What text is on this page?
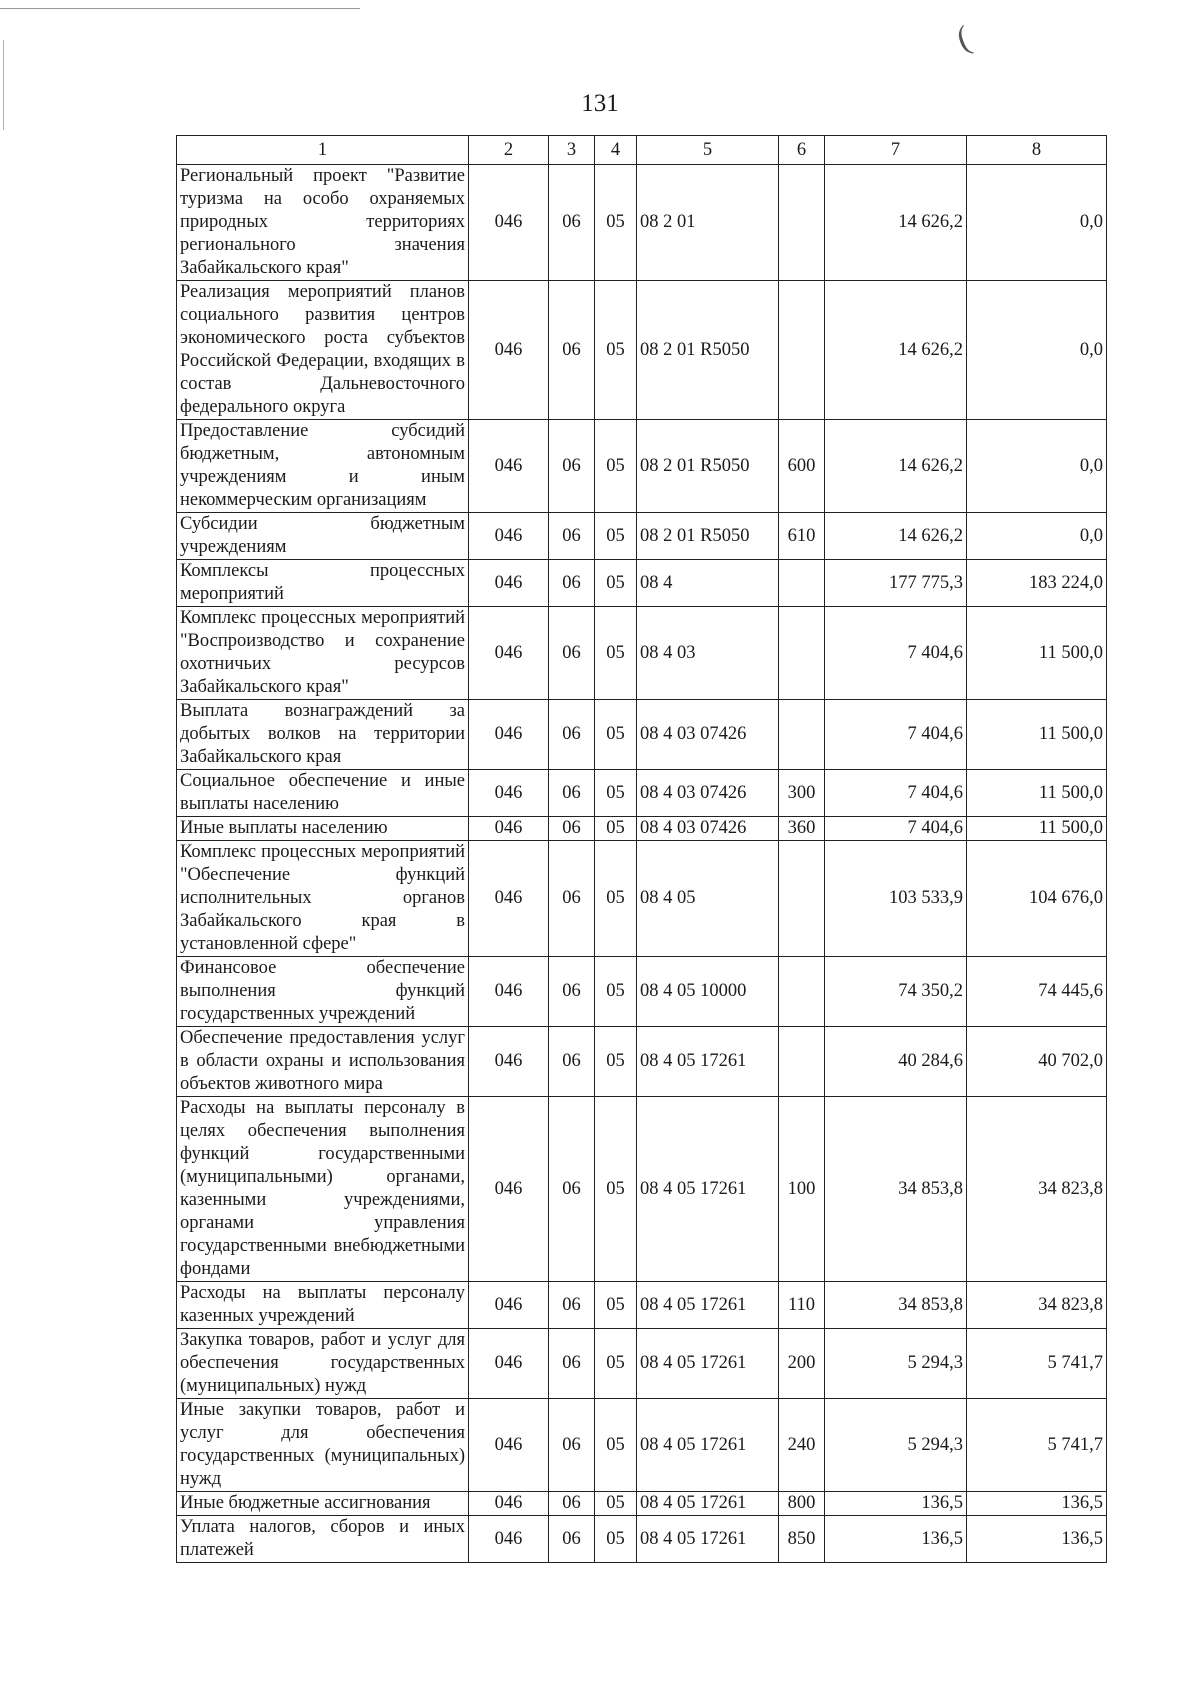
(
131
1	2	3	4	5	6	7	8
Региональный проект "Развитие туризма на особо охраняемых природных территориях регионального значения Забайкальского края"	046	06	05	08 2 01		14 626,2	0,0
Реализация мероприятий планов социального развития центров экономического роста субъектов Российской Федерации, входящих в состав Дальневосточного федерального округа	046	06	05	08 2 01 R5050		14 626,2	0,0
Предоставление субсидий бюджетным, автономным учреждениям и иным некоммерческим организациям	046	06	05	08 2 01 R5050	600	14 626,2	0,0
Субсидии бюджетным учреждениям	046	06	05	08 2 01 R5050	610	14 626,2	0,0
Комплексы процессных мероприятий	046	06	05	08 4		177 775,3	183 224,0
Комплекс процессных мероприятий "Воспроизводство и сохранение охотничьих ресурсов Забайкальского края"	046	06	05	08 4 03		7 404,6	11 500,0
Выплата вознаграждений за добытых волков на территории Забайкальского края	046	06	05	08 4 03 07426		7 404,6	11 500,0
Социальное обеспечение и иные выплаты населению	046	06	05	08 4 03 07426	300	7 404,6	11 500,0
Иные выплаты населению	046	06	05	08 4 03 07426	360	7 404,6	11 500,0
Комплекс процессных мероприятий "Обеспечение функций исполнительных органов Забайкальского края в установленной сфере"	046	06	05	08 4 05		103 533,9	104 676,0
Финансовое обеспечение выполнения функций государственных учреждений	046	06	05	08 4 05 10000		74 350,2	74 445,6
Обеспечение предоставления услуг в области охраны и использования объектов животного мира	046	06	05	08 4 05 17261		40 284,6	40 702,0
Расходы на выплаты персоналу в целях обеспечения выполнения функций государственными (муниципальными) органами, казенными учреждениями, органами управления государственными внебюджетными фондами	046	06	05	08 4 05 17261	100	34 853,8	34 823,8
Расходы на выплаты персоналу казенных учреждений	046	06	05	08 4 05 17261	110	34 853,8	34 823,8
Закупка товаров, работ и услуг для обеспечения государственных (муниципальных) нужд	046	06	05	08 4 05 17261	200	5 294,3	5 741,7
Иные закупки товаров, работ и услуг для обеспечения государственных (муниципальных) нужд	046	06	05	08 4 05 17261	240	5 294,3	5 741,7
Иные бюджетные ассигнования	046	06	05	08 4 05 17261	800	136,5	136,5
Уплата налогов, сборов и иных платежей	046	06	05	08 4 05 17261	850	136,5	136,5
